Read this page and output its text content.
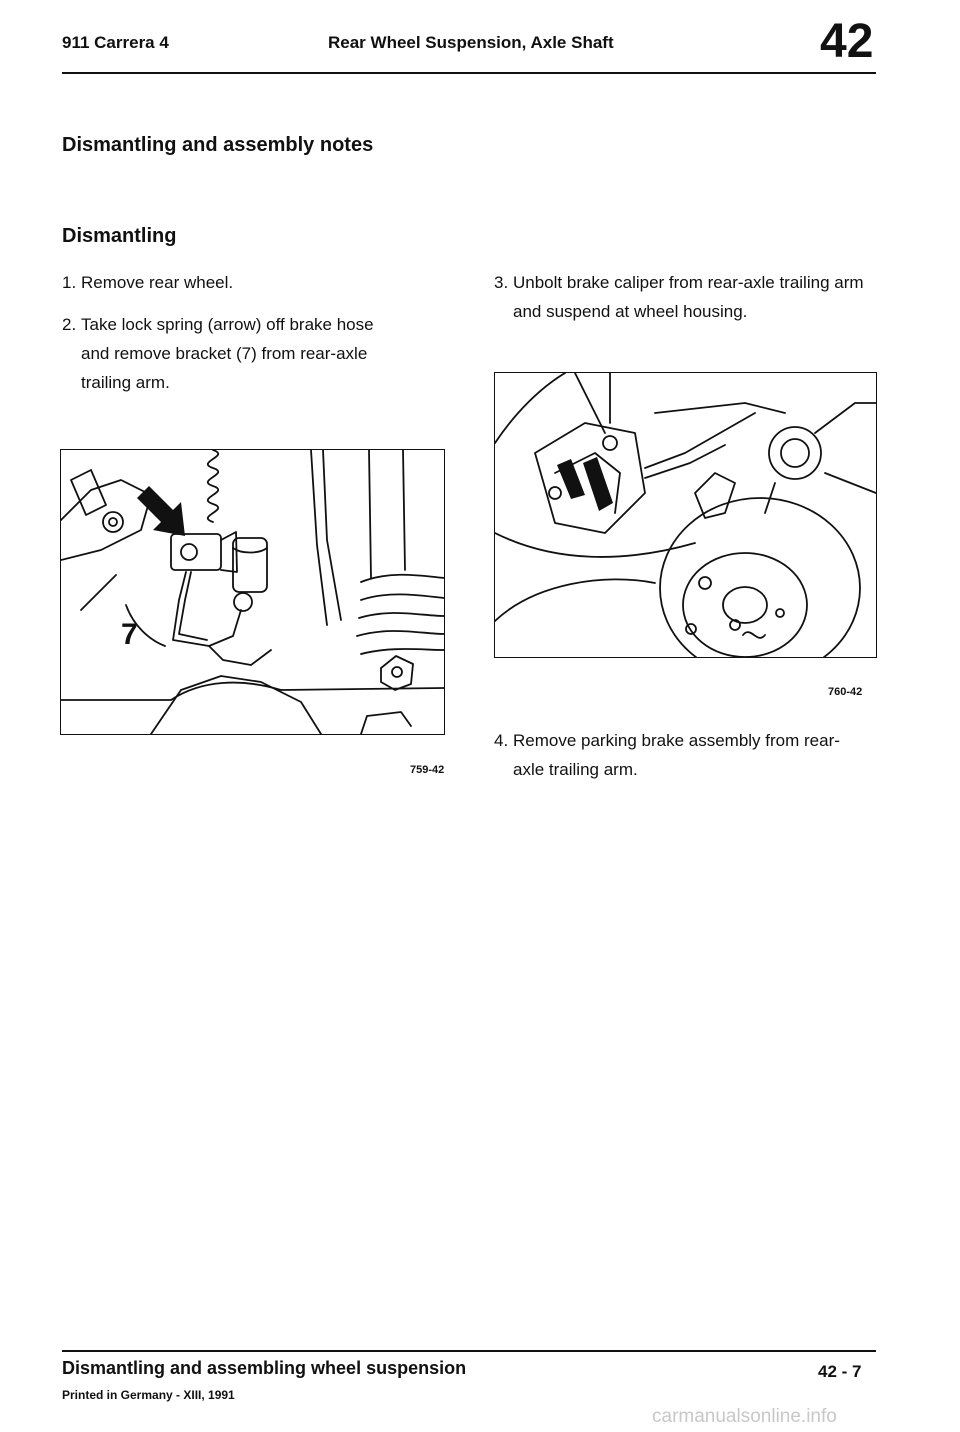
911 Carrera 4	Rear Wheel Suspension, Axle Shaft	42
Dismantling and assembly notes
Dismantling
1. Remove rear wheel.
2. Take lock spring (arrow) off brake hose and remove bracket (7) from rear-axle trailing arm.
3. Unbolt brake caliper from rear-axle trailing arm and suspend at wheel housing.
4. Remove parking brake assembly from rear-axle trailing arm.
7
759-42
760-42
Dismantling and assembling wheel suspension	42 - 7
Printed in Germany - XIII, 1991
carmanualsonline.info
